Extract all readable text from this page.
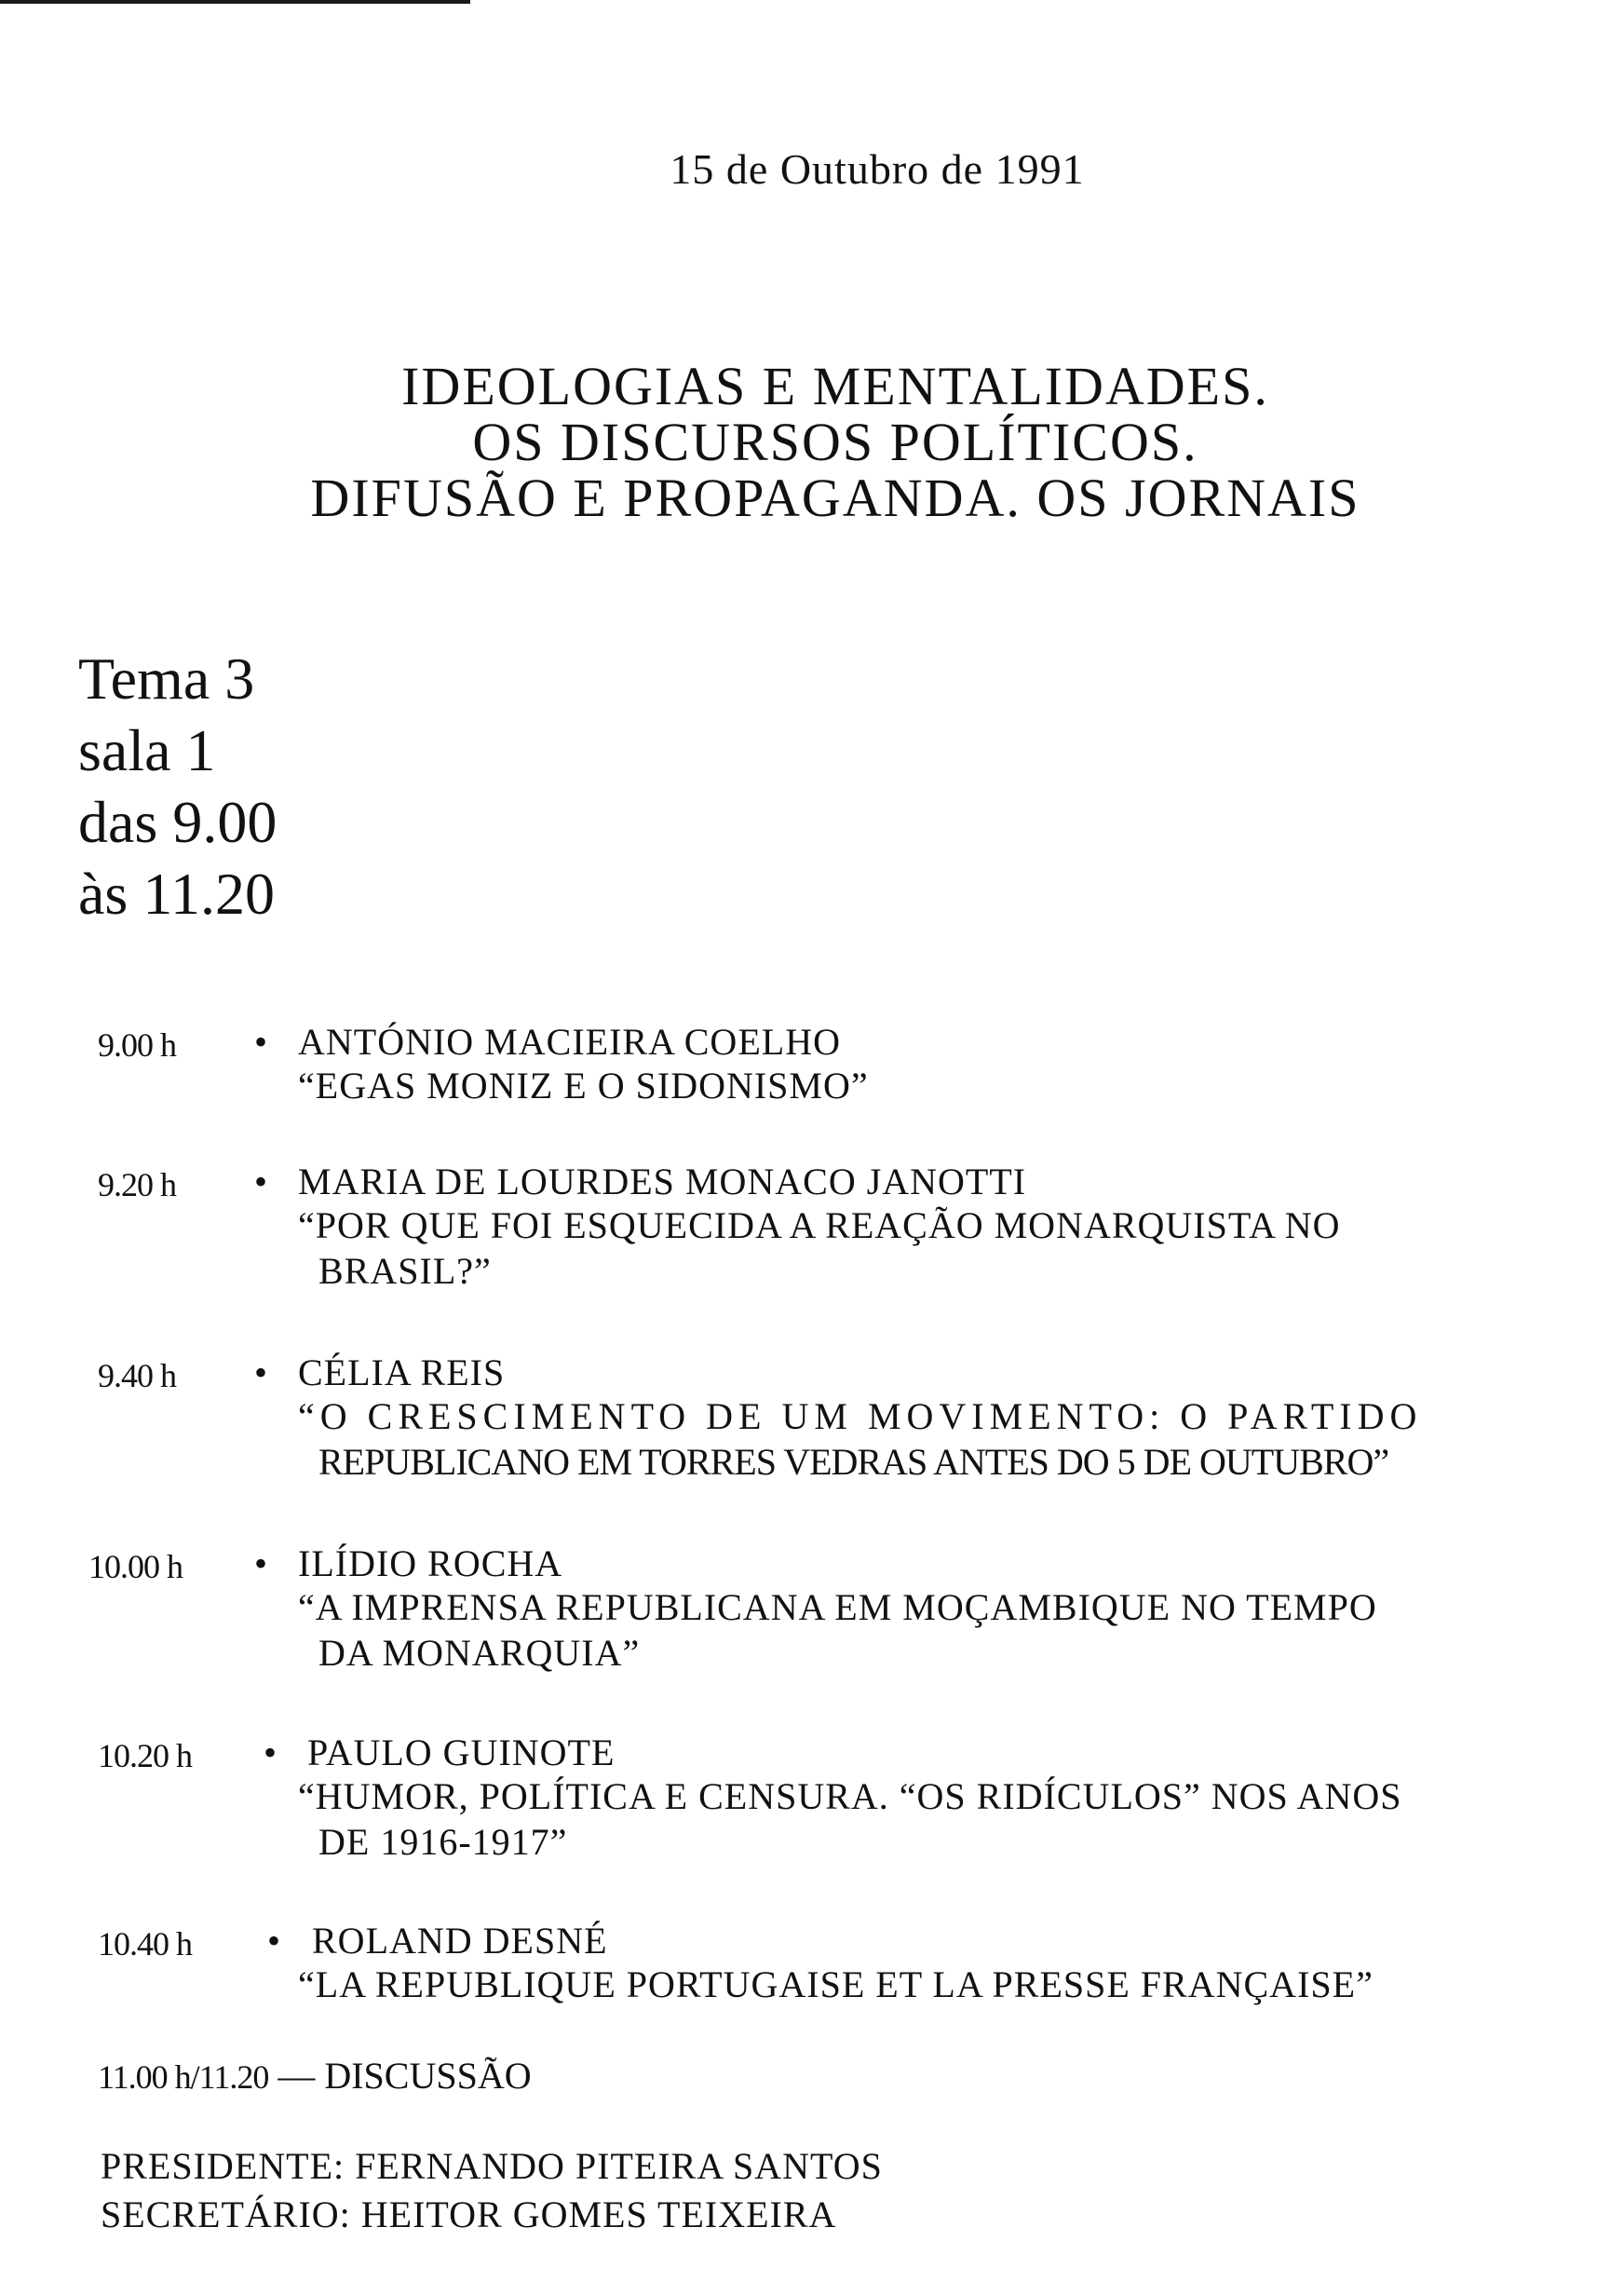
15 de Outubro de 1991
IDEOLOGIAS E MENTALIDADES.
OS DISCURSOS POLÍTICOS.
DIFUSÃO E PROPAGANDA. OS JORNAIS
Tema 3
sala 1
das 9.00
às 11.20
9.00 h • ANTÓNIO MACIEIRA COELHO
“EGAS MONIZ E O SIDONISMO”
9.20 h • MARIA DE LOURDES MONACO JANOTTI
“POR QUE FOI ESQUECIDA A REAÇÃO MONARQUISTA NO
BRASIL?”
9.40 h • CÉLIA REIS
“O CRESCIMENTO DE UM MOVIMENTO: O PARTIDO
REPUBLICANO EM TORRES VEDRAS ANTES DO 5 DE OUTUBRO”
10.00 h • ILÍDIO ROCHA
“A IMPRENSA REPUBLICANA EM MOÇAMBIQUE NO TEMPO
DA MONARQUIA”
10.20 h • PAULO GUINOTE
“HUMOR, POLÍTICA E CENSURA. “OS RIDÍCULOS” NOS ANOS
DE 1916-1917”
10.40 h • ROLAND DESNÉ
“LA REPUBLIQUE PORTUGAISE ET LA PRESSE FRANÇAISE”
11.00 h/11.20 — DISCUSSÃO
PRESIDENTE: FERNANDO PITEIRA SANTOS
SECRETÁRIO: HEITOR GOMES TEIXEIRA
